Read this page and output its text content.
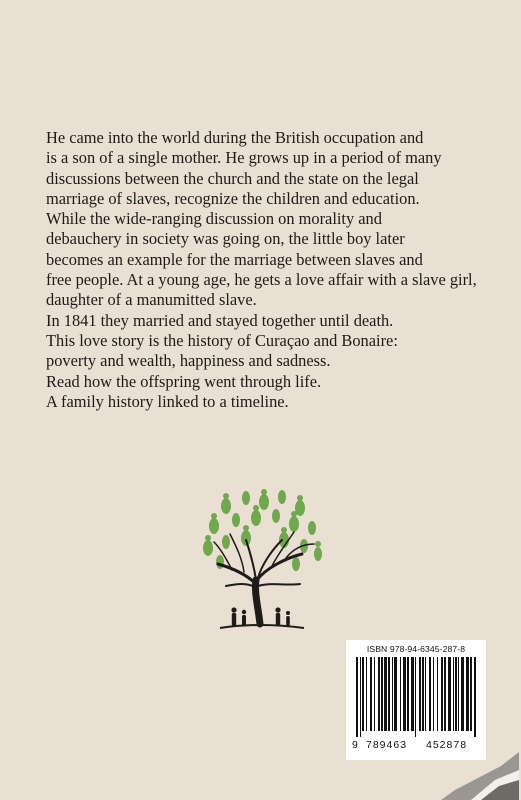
He came into the world during the British occupation and
is a son of a single mother. He grows up in a period of many
discussions between the church and the state on the legal
marriage of slaves, recognize the children and education.
While the wide-ranging discussion on morality and
debauchery in society was going on, the little boy later
becomes an example for the marriage between slaves and
free people. At a young age, he gets a love affair with a slave girl,
daughter of a manumitted slave.
In 1841 they married and stayed together until death.
This love story is the history of Curaçao and Bonaire:
poverty and wealth, happiness and sadness.
Read how the offspring went through life.
A family history linked to a timeline.
ISBN 978-94-6345-287-8
9 789463 452878
